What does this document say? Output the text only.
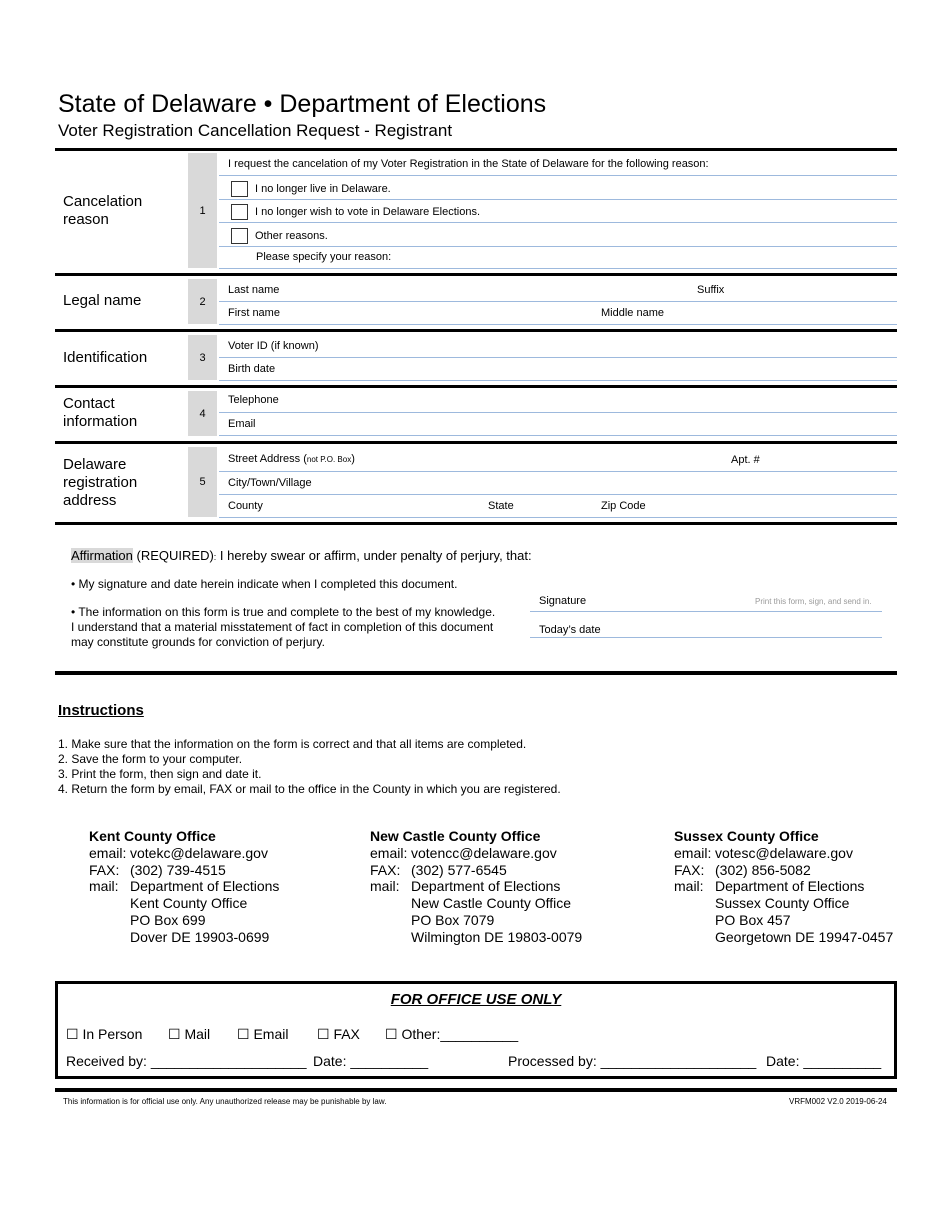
State of Delaware • Department of Elections
Voter Registration Cancellation Request - Registrant
Cancelation reason
1
I request the cancelation of my Voter Registration in the State of Delaware for the following reason:
I no longer live in Delaware.
I no longer wish to vote in Delaware Elections.
Other reasons.
Please specify your reason:
Legal name	2
Last name	Suffix
First name	Middle name
Identification	3
Voter ID (if known)
Birth date
Contact information	4
Telephone
Email
Delaware registration address
5
Street Address (not P.O. Box)	Apt. #
City/Town/Village
County	State	Zip Code
Affirmation (REQUIRED): I hereby swear or affirm, under penalty of perjury, that:
• My signature and date herein indicate when I completed this document.
• The information on this form is true and complete to the best of my knowledge.
I understand that a material misstatement of fact in completion of this document
may constitute grounds for conviction of perjury.
Signature	Print this form, sign, and send in.
Today’s date
Instructions
1. Make sure that the information on the form is correct and that all items are completed.
2. Save the form to your computer.
3. Print the form, then sign and date it.
4. Return the form by email, FAX or mail to the office in the County in which you are registered.
Kent County Office
email: votekc@delaware.gov
FAX: (302) 739-4515
mail: Department of Elections
Kent County Office
PO Box 699
Dover DE 19903-0699
New Castle County Office
email: votencc@delaware.gov
FAX: (302) 577-6545
mail: Department of Elections
New Castle County Office
PO Box 7079
Wilmington DE 19803-0079
Sussex County Office
email: votesc@delaware.gov
FAX: (302) 856-5082
mail: Department of Elections
Sussex County Office
PO Box 457
Georgetown DE 19947-0457
FOR OFFICE USE ONLY
☐ In Person ☐ Mail ☐ Email ☐ FAX ☐ Other:__________
Received by: ____________________ Date: __________	Processed by: ____________________ Date: __________
This information is for official use only. Any unauthorized release may be punishable by law.	VRFM002 V2.0 2019-06-24
